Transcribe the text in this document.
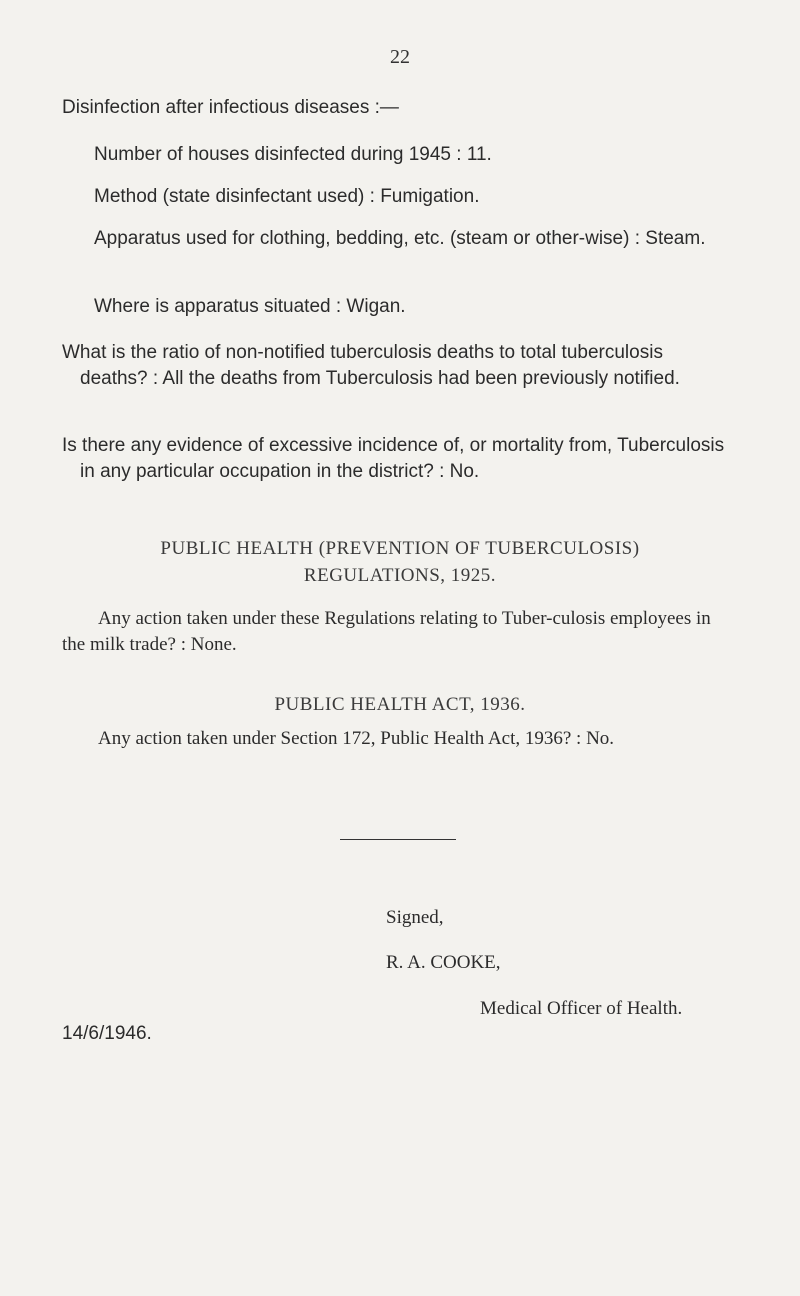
22

Disinfection after infectious diseases :—

Number of houses disinfected during 1945 : 11.

Method (state disinfectant used) : Fumigation.

Apparatus used for clothing, bedding, etc. (steam or other-wise) : Steam.

Where is apparatus situated : Wigan.

What is the ratio of non-notified tuberculosis deaths to total tuberculosis deaths? : All the deaths from Tuberculosis had been previously notified.

Is there any evidence of excessive incidence of, or mortality from, Tuberculosis in any particular occupation in the district? : No.

PUBLIC HEALTH (PREVENTION OF TUBERCULOSIS)
REGULATIONS, 1925.

Any action taken under these Regulations relating to Tuber-culosis employees in the milk trade? : None.

PUBLIC HEALTH ACT, 1936.

Any action taken under Section 172, Public Health Act, 1936? : No.

Signed,

R. A. COOKE,

Medical Officer of Health.

14/6/1946.
